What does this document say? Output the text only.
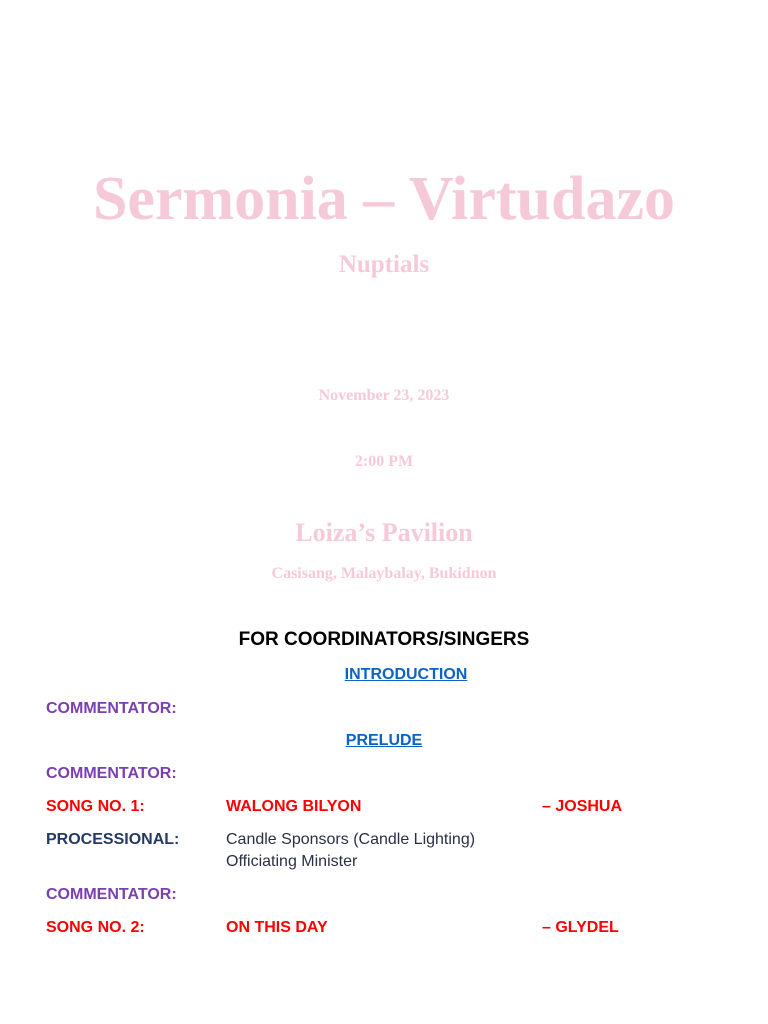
Sermonia – Virtudazo
Nuptials
November 23, 2023
2:00 PM
Loiza’s Pavilion
Casisang, Malaybalay, Bukidnon
FOR COORDINATORS/SINGERS
INTRODUCTION
COMMENTATOR:
PRELUDE
COMMENTATOR:
SONG NO. 1:	WALONG BILYON	– JOSHUA
PROCESSIONAL:	Candle Sponsors (Candle Lighting)
Officiating Minister
COMMENTATOR:
SONG NO. 2:	ON THIS DAY	– GLYDEL
